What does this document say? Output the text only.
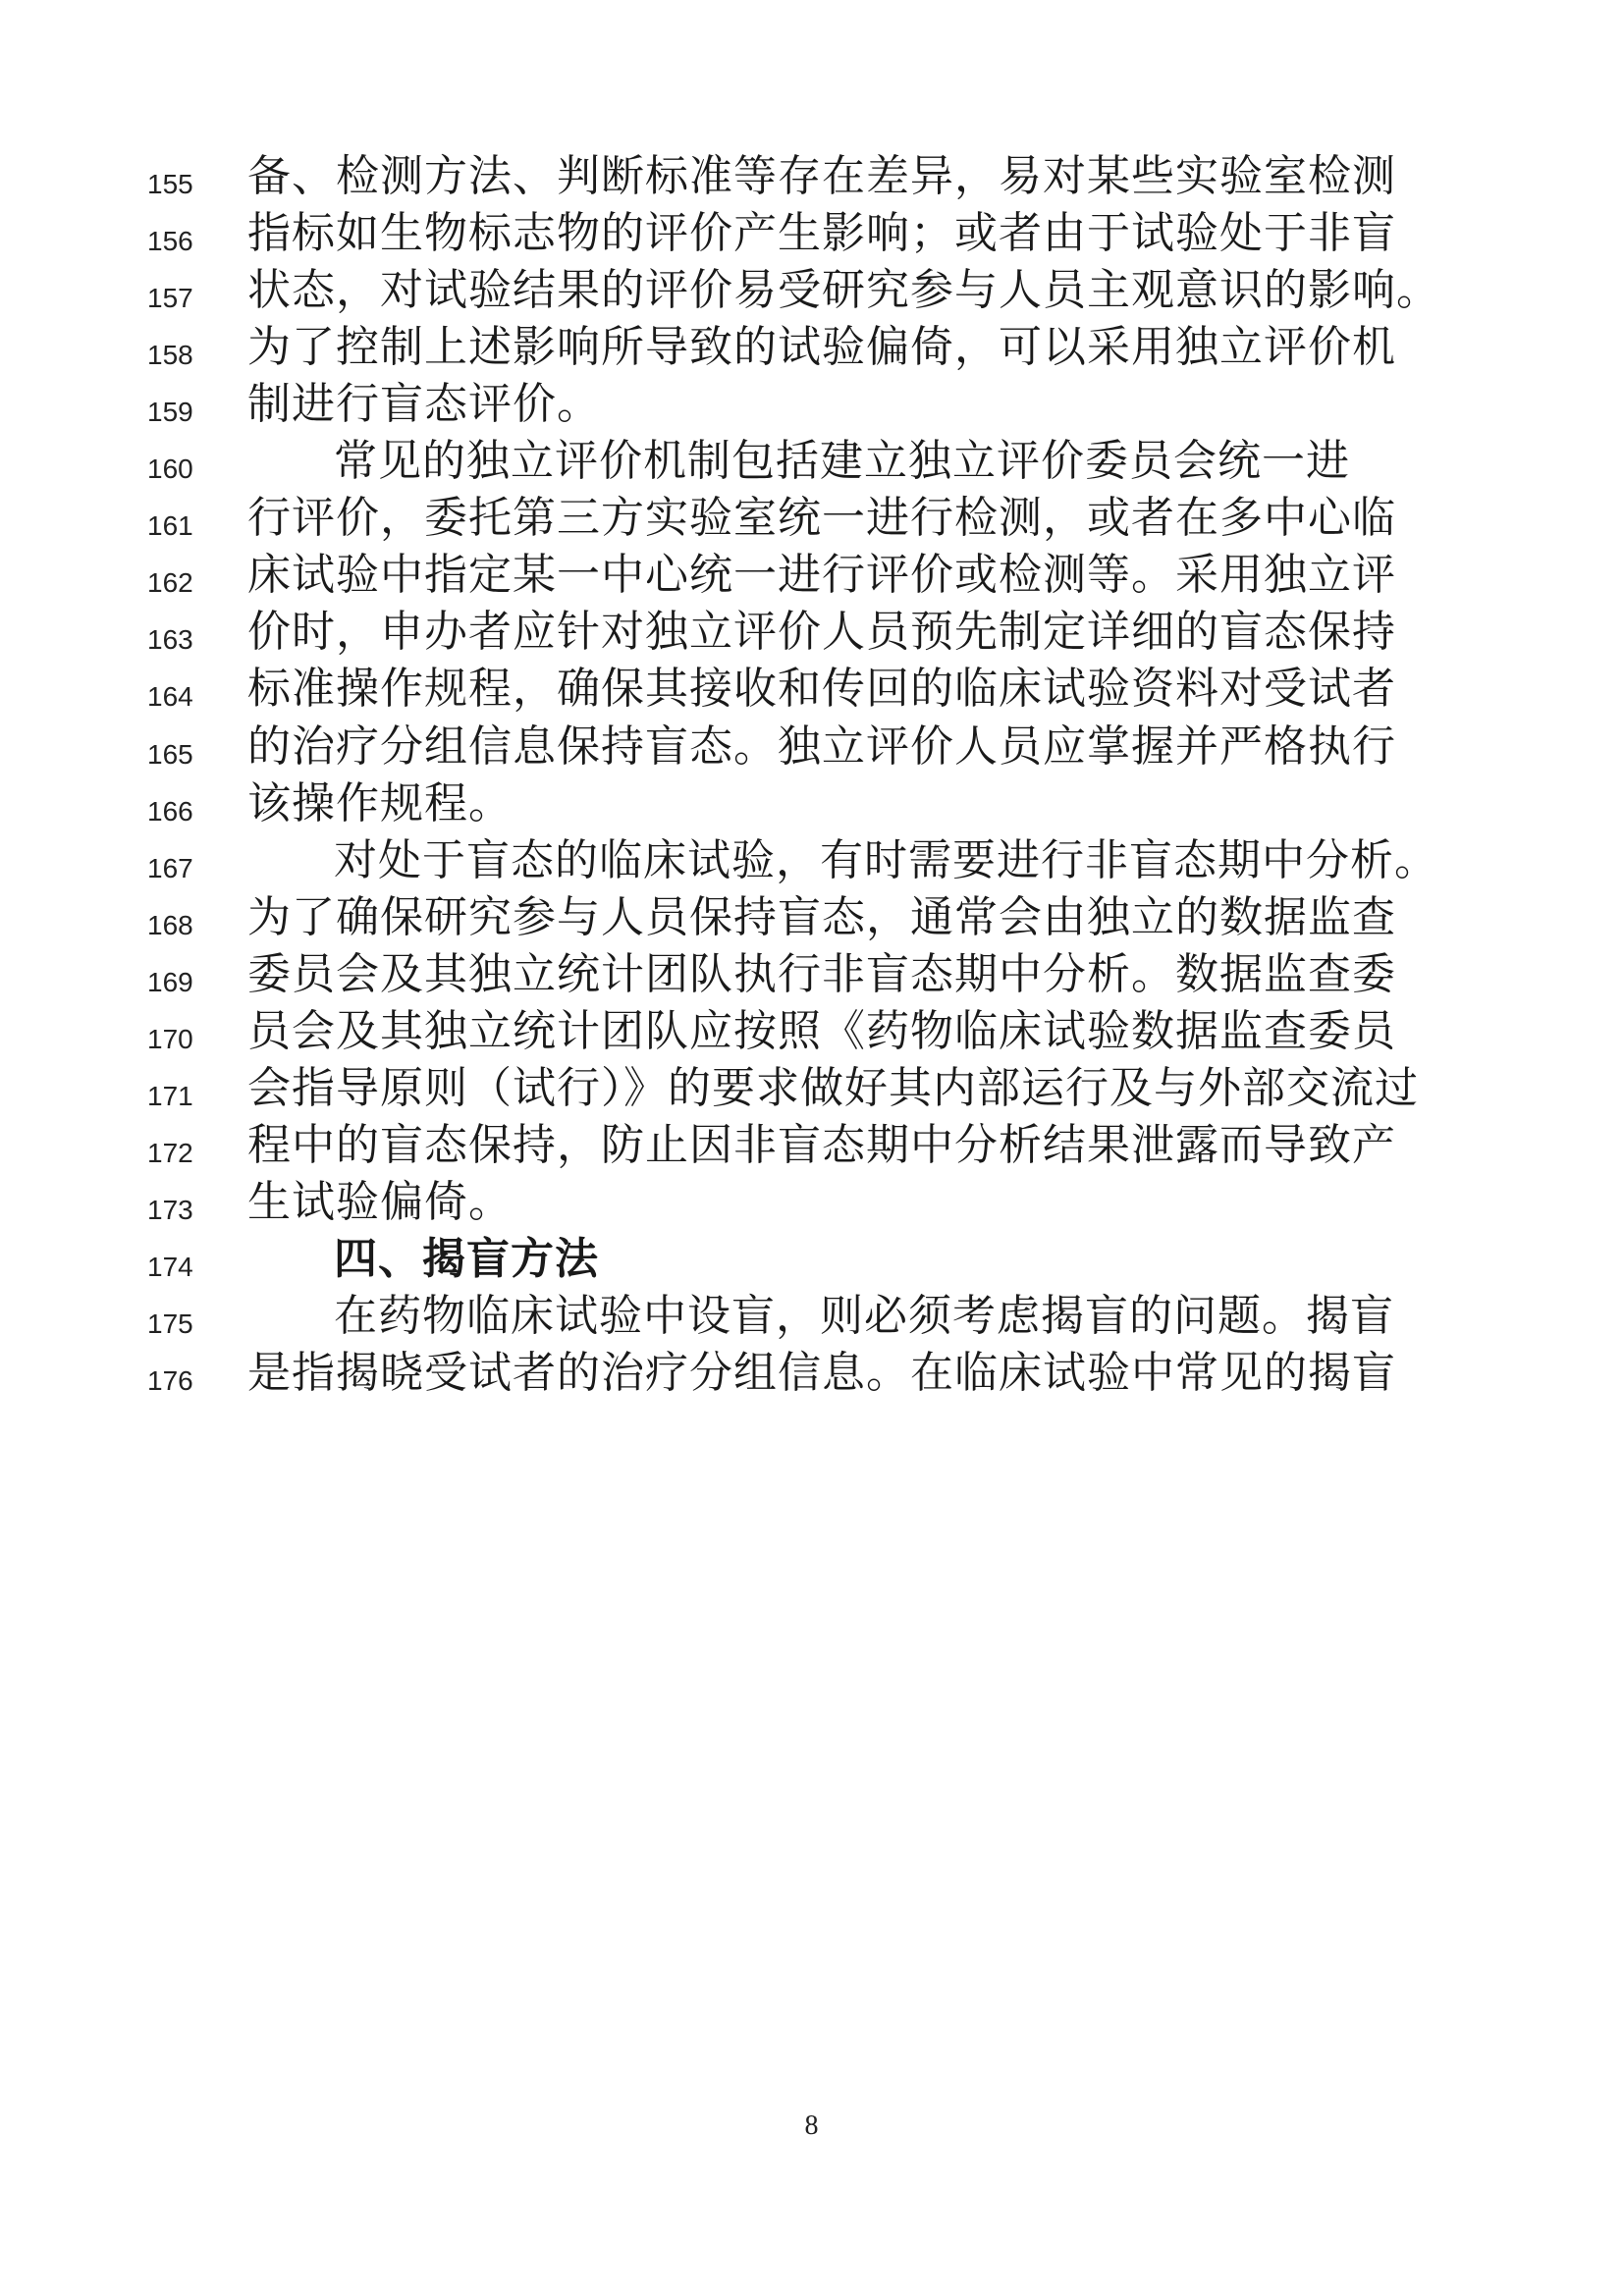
155	备、检测方法、判断标准等存在差异，易对某些实验室检测
156	指标如生物标志物的评价产生影响；或者由于试验处于非盲
157	状态，对试验结果的评价易受研究参与人员主观意识的影响。
158	为了控制上述影响所导致的试验偏倚，可以采用独立评价机
159	制进行盲态评价。
160	常见的独立评价机制包括建立独立评价委员会统一进
161	行评价，委托第三方实验室统一进行检测，或者在多中心临
162	床试验中指定某一中心统一进行评价或检测等。采用独立评
163	价时，申办者应针对独立评价人员预先制定详细的盲态保持
164	标准操作规程，确保其接收和传回的临床试验资料对受试者
165	的治疗分组信息保持盲态。独立评价人员应掌握并严格执行
166	该操作规程。
167	对处于盲态的临床试验，有时需要进行非盲态期中分析。
168	为了确保研究参与人员保持盲态，通常会由独立的数据监查
169	委员会及其独立统计团队执行非盲态期中分析。数据监查委
170	员会及其独立统计团队应按照《药物临床试验数据监查委员
171	会指导原则（试行）》的要求做好其内部运行及与外部交流过
172	程中的盲态保持，防止因非盲态期中分析结果泄露而导致产
173	生试验偏倚。
174	四、揭盲方法
175	在药物临床试验中设盲，则必须考虑揭盲的问题。揭盲
176	是指揭晓受试者的治疗分组信息。在临床试验中常见的揭盲
8
